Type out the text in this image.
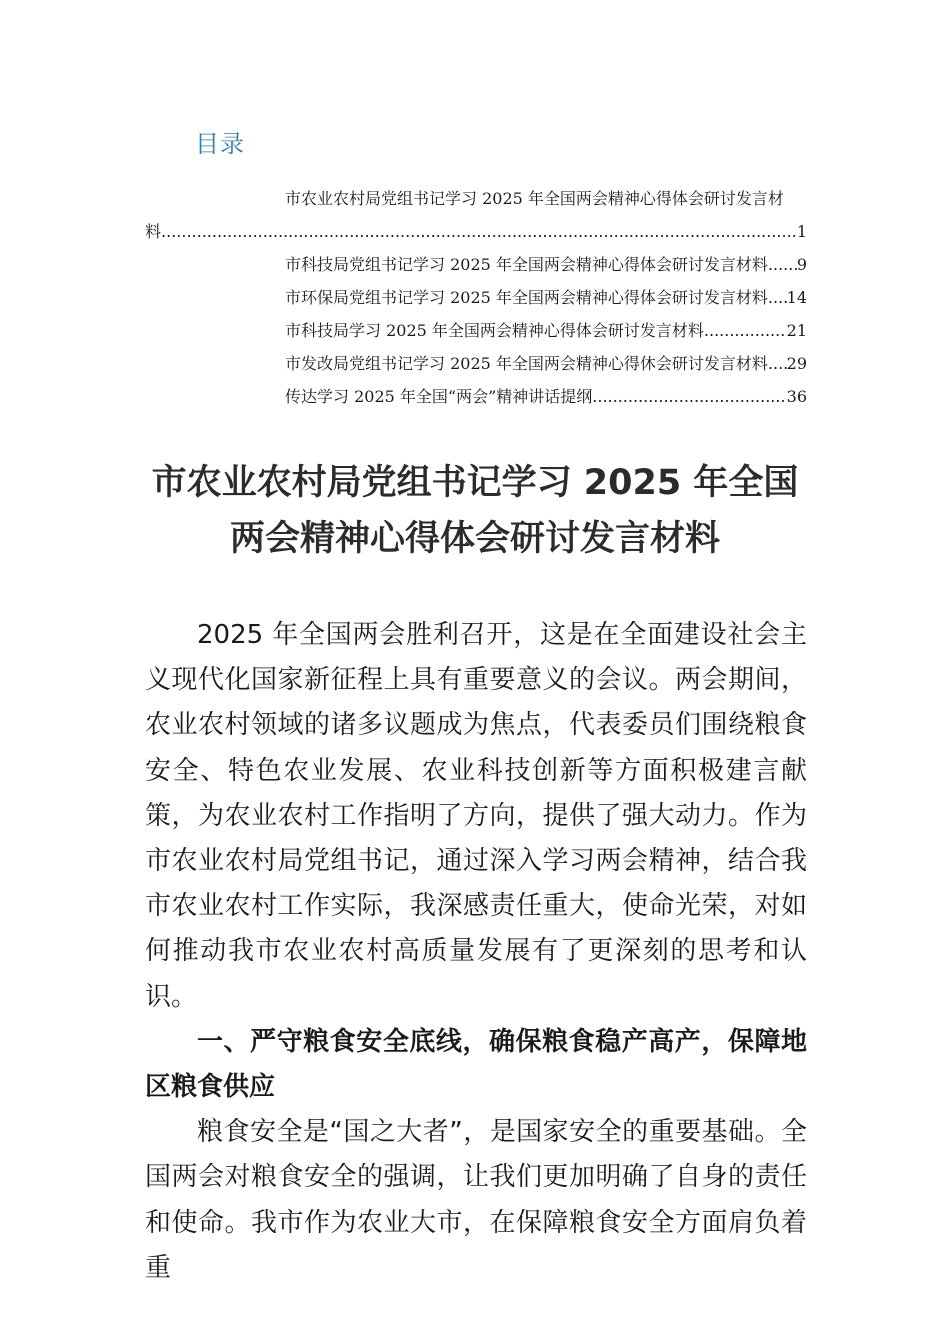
目录
市农业农村局党组书记学习 2025 年全国两会精神心得体会研讨发言材
料 .....	1
市科技局党组书记学习 2025 年全国两会精神心得体会研讨发言材料 ..... 9
市环保局党组书记学习 2025 年全国两会精神心得体会研讨发言材料 ..... 14
市科技局学习 2025 年全国两会精神心得体会研讨发言材料 .....	21
市发改局党组书记学习 2025 年全国两会精神心得休会研讨发言材料 ..... 29
传达学习 2025 年全国“两会”精神讲话提纲 .....	36
市农业农村局党组书记学习 2025 年全国
两会精神心得体会研讨发言材料

2025 年全国两会胜利召开，这是在全面建设社会主义现代化国家新征程上具有重要意义的会议。两会期间，农业农村领域的诸多议题成为焦点，代表委员们围绕粮食安全、特色农业发展、农业科技创新等方面积极建言献策，为农业农村工作指明了方向，提供了强大动力。作为市农业农村局党组书记，通过深入学习两会精神，结合我市农业农村工作实际，我深感责任重大，使命光荣，对如何推动我市农业农村高质量发展有了更深刻的思考和认识。

一、严守粮食安全底线，确保粮食稳产高产，保障地区粮食供应

粮食安全是“国之大者”，是国家安全的重要基础。全国两会对粮食安全的强调，让我们更加明确了自身的责任和使命。我市作为农业大市，在保障粮食安全方面肩负着重
